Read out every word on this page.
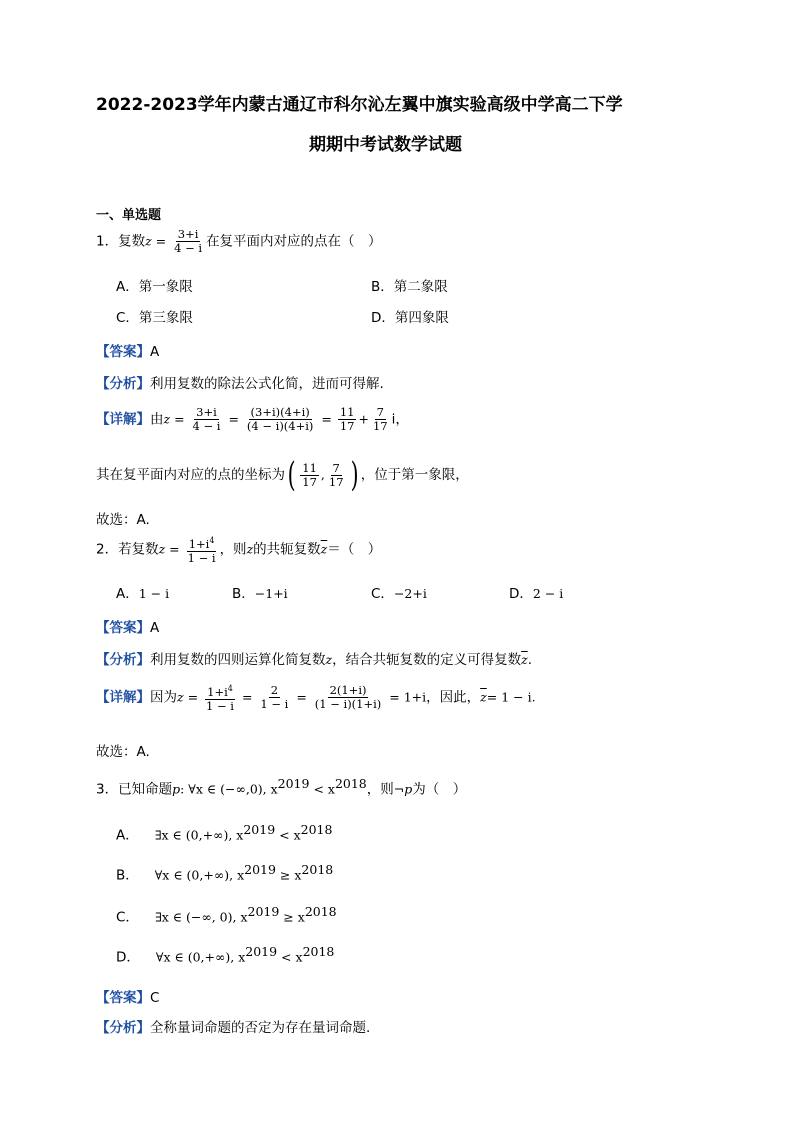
2022-2023学年内蒙古通辽市科尔沁左翼中旗实验高级中学高二下学
期期中考试数学试题
一、单选题
1．复数$z = \frac{3+i}{4 - i}$ 在复平面内对应的点在（　）
A．第一象限	B．第二象限
C．第三象限	D．第四象限
【答案】A
【分析】利用复数的除法公式化简，进而可得解.
【详解】由$z = \frac{3+i}{4 - i} = \frac{(3+i)(4+i)}{(4 - i)(4+i)} = \frac{11}{17} + \frac{7}{17}$ i，
其在复平面内对应的点的坐标为( $\frac{11}{17}$ , $\frac{7}{17}$ ) ，位于第一象限，
故选：A.
2．若复数$z = \frac{1+i^4}{1 - i}$ ，则z的共轭复数$\overline{z}=$（　）
A．1 − i	B．−1+i	C．−2+i	D．2 − i
【答案】A
【分析】利用复数的四则运算化简复数z，结合共轭复数的定义可得复数$\overline{z}$.
【详解】因为$z = \frac{1+i^4}{1 - i} = \frac{2}{1 - i} = \frac{2(1+i)}{(1 - i)(1+i)} = 1+i$，因此，$\overline{z}= 1 - i$.
故选：A.
3．已知命题p: ∀x ∈ (−∞,0), $x^{2019} < x^{2018}$，则¬p为（　）
A． ∃x ∈ (0,+∞), $x^{2019} < x^{2018}$
B． ∀x ∈ (0,+∞), $x^{2019} \ge x^{2018}$
C． ∃x ∈ (−∞, 0), $x^{2019} \ge x^{2018}$
D． ∀x ∈ (0,+∞), $x^{2019} < x^{2018}$
【答案】C
【分析】全称量词命题的否定为存在量词命题.
